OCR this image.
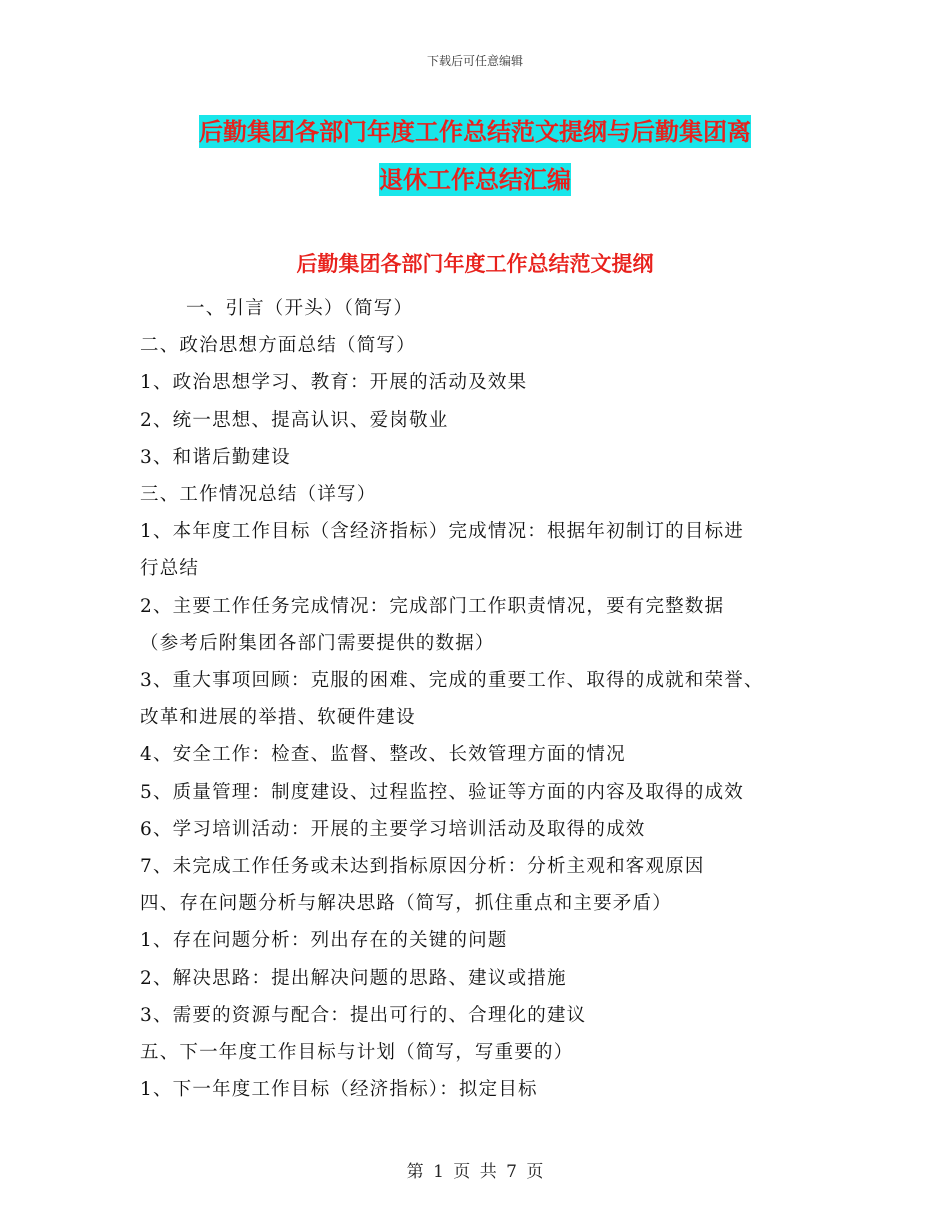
下载后可任意编辑
后勤集团各部门年度工作总结范文提纲与后勤集团离
退休工作总结汇编
后勤集团各部门年度工作总结范文提纲

一、引言（开头）（简写）

二、政治思想方面总结（简写）

1、政治思想学习、教育：开展的活动及效果

2、统一思想、提高认识、爱岗敬业

3、和谐后勤建设

三、工作情况总结（详写）

1、本年度工作目标（含经济指标）完成情况：根据年初制订的目标进

行总结

2、主要工作任务完成情况：完成部门工作职责情况，要有完整数据

（参考后附集团各部门需要提供的数据）

3、重大事项回顾：克服的困难、完成的重要工作、取得的成就和荣誉、

改革和进展的举措、软硬件建设

4、安全工作：检查、监督、整改、长效管理方面的情况

5、质量管理：制度建设、过程监控、验证等方面的内容及取得的成效

6、学习培训活动：开展的主要学习培训活动及取得的成效

7、未完成工作任务或未达到指标原因分析：分析主观和客观原因

四、存在问题分析与解决思路（简写，抓住重点和主要矛盾）

1、存在问题分析：列出存在的关键的问题

2、解决思路：提出解决问题的思路、建议或措施

3、需要的资源与配合：提出可行的、合理化的建议

五、下一年度工作目标与计划（简写，写重要的）

1、下一年度工作目标（经济指标）：拟定目标

第 1 页 共 7 页
